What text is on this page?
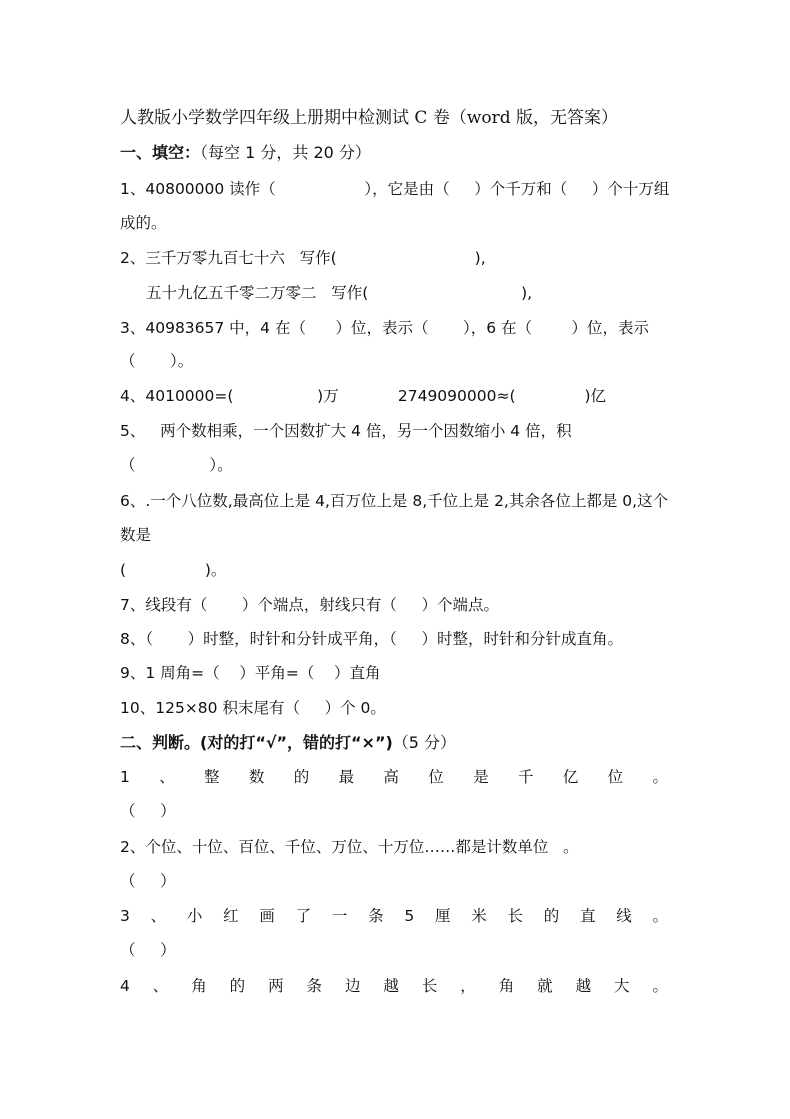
人教版小学数学四年级上册期中检测试 C 卷（word 版，无答案）
一、填空：（每空 1 分，共 20 分）
1、40800000 读作（                  ），它是由（     ）个千万和（     ）个十万组
成的。
2、三千万零九百七十六   写作(                            ),
五十九亿五千零二万零二   写作(                               ),
3、40983657 中，4 在（      ）位，表示（       ），6 在（        ）位，表示
（       ）。
4、4010000=(                 )万            2749090000≈(              )亿
5、   两个数相乘，一个因数扩大 4 倍，另一个因数缩小 4 倍，积
（               ）。
6、.一个八位数,最高位上是 4,百万位上是 8,千位上是 2,其余各位上都是 0,这个
数是
(                )。
7、线段有（       ）个端点，射线只有（     ）个端点。
8、（       ）时整，时针和分针成平角，（     ）时整，时针和分针成直角。
9、1 周角=（    ）平角=（    ）直角
10、125×80 积末尾有（     ）个 0。
二、判断。(对的打“√”，错的打“×”)（5 分）
1 、 整 数 的 最 高 位 是 千 亿 位 。
（     ）
2、个位、十位、百位、千位、万位、十万位……都是计数单位   。
（     ）
3 、 小 红 画 了 一 条 5 厘 米 长 的 直 线 。
（     ）
4 、 角 的 两 条 边 越 长 ， 角 就 越 大 。
